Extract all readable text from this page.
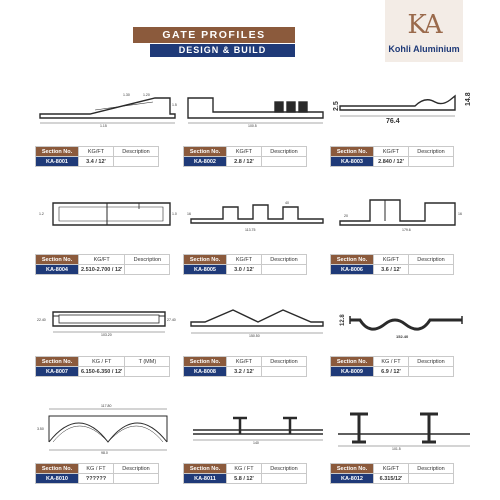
GATE PROFILES
DESIGN & BUILD
KA
Kohli Aluminium
1.15
1.30
1.5
1.20
100.5
2.5
76.4
14.8
Section No.	KG/FT	Description
KA-8001	3.4 / 12'	
Section No.	KG/FT	Description
KA-8002	2.8 / 12'	
Section No.	KG/FT	Description
KA-8003	2.840 / 12'	
1.2	1.0	16
113.75
40
20
179.6
16
Section No.	KG/FT	Description
KA-8004	2.510-2.700 / 12'	
Section No.	KG/FT	Description
KA-8005	3.0 / 12'	
Section No.	KG/FT	Description
KA-8006	3.6 / 12'	
22.40	27.40
103.20	150.50
12.8
152.40
Section No.	KG / FT	T (MM)
KA-8007	6.150-6.350 / 12'	
Section No.	KG/FT	Description
KA-8008	3.2 / 12'	
Section No.	KG / FT	Description
KA-8009	6.9 / 12'	
117.80
3.50
98.0
140
101.5
Section No.	KG / FT	Description
KA-8010	??????	
Section No.	KG / FT	Description
KA-8011	5.8 / 12'	
Section No.	KG/FT	Description
KA-8012	6.315/12'	
